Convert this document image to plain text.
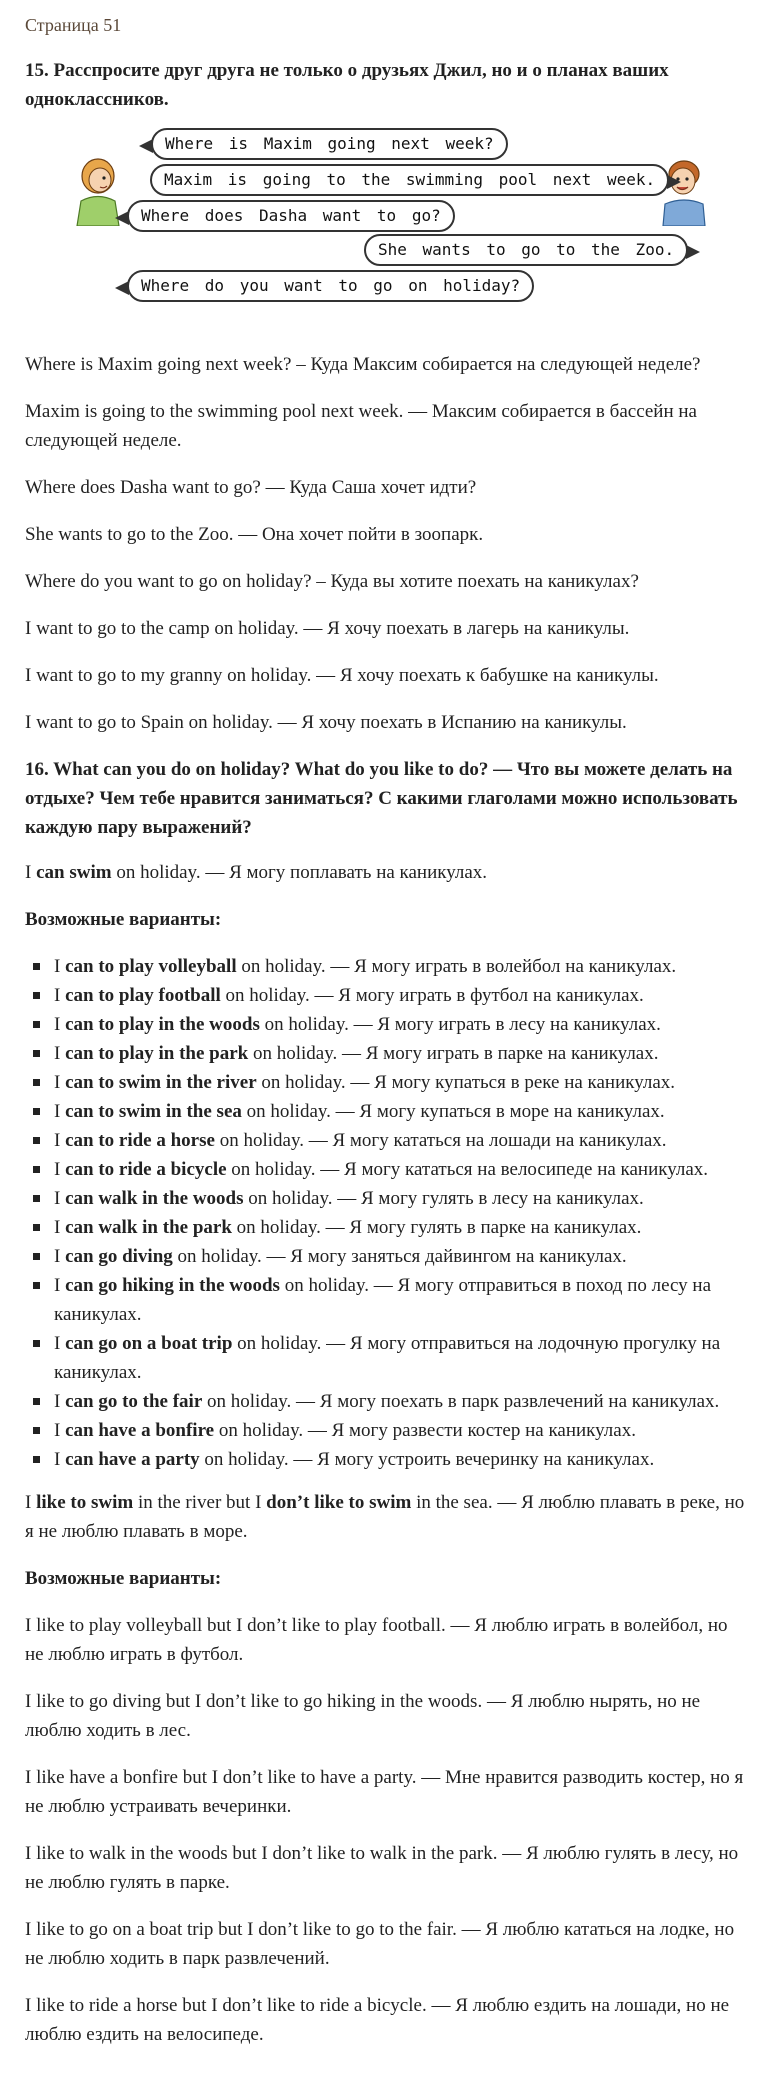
Страница 51
15. Расспросите друг друга не только о друзьях Джил, но и о планах ваших одноклассников.
Where is Maxim going next week?
Maxim is going to the swimming pool next week.
Where does Dasha want to go?
She wants to go to the Zoo.
Where do you want to go on holiday?

Where is Maxim going next week? – Куда Максим собирается на следующей неделе?

Maxim is going to the swimming pool next week. — Максим собирается в бассейн на следующей неделе.

Where does Dasha want to go? — Куда Саша хочет идти?

She wants to go to the Zoo. — Она хочет пойти в зоопарк.

Where do you want to go on holiday? – Куда вы хотите поехать на каникулах?

I want to go to the camp on holiday. — Я хочу поехать в лагерь на каникулы.

I want to go to my granny on holiday. — Я хочу поехать к бабушке на каникулы.

I want to go to Spain on holiday. — Я хочу поехать в Испанию на каникулы.

16. What can you do on holiday? What do you like to do? — Что вы можете делать на отдыхе? Чем тебе нравится заниматься? С какими глаголами можно использовать каждую пару выражений?

I can swim on holiday. — Я могу поплавать на каникулах.

Возможные варианты:

I can to play volleyball on holiday. — Я могу играть в волейбол на каникулах.
I can to play football on holiday. — Я могу играть в футбол на каникулах.
I can to play in the woods on holiday. — Я могу играть в лесу на каникулах.
I can to play in the park on holiday. — Я могу играть в парке на каникулах.
I can to swim in the river on holiday. — Я могу купаться в реке на каникулах.
I can to swim in the sea on holiday. — Я могу купаться в море на каникулах.
I can to ride a horse on holiday. — Я могу кататься на лошади на каникулах.
I can to ride a bicycle on holiday. — Я могу кататься на велосипеде на каникулах.
I can walk in the woods on holiday. — Я могу гулять в лесу на каникулах.
I can walk in the park on holiday. — Я могу гулять в парке на каникулах.
I can go diving on holiday. — Я могу заняться дайвингом на каникулах.
I can go hiking in the woods on holiday. — Я могу отправиться в поход по лесу на каникулах.
I can go on a boat trip on holiday. — Я могу отправиться на лодочную прогулку на каникулах.
I can go to the fair on holiday. — Я могу поехать в парк развлечений на каникулах.
I can have a bonfire on holiday. — Я могу развести костер на каникулах.
I can have a party on holiday. — Я могу устроить вечеринку на каникулах.

I like to swim in the river but I don’t like to swim in the sea. — Я люблю плавать в реке, но я не люблю плавать в море.

Возможные варианты:

I like to play volleyball but I don’t like to play football. — Я люблю играть в волейбол, но не люблю играть в футбол.

I like to go diving but I don’t like to go hiking in the woods. — Я люблю нырять, но не люблю ходить в лес.

I like have a bonfire but I don’t like to have a party. — Мне нравится разводить костер, но я не люблю устраивать вечеринки.

I like to walk in the woods but I don’t like to walk in the park. — Я люблю гулять в лесу, но не люблю гулять в парке.

I like to go on a boat trip but I don’t like to go to the fair. — Я люблю кататься на лодке, но не люблю ходить в парк развлечений.

I like to ride a horse but I don’t like to ride a bicycle. — Я люблю ездить на лошади, но не люблю ездить на велосипеде.
